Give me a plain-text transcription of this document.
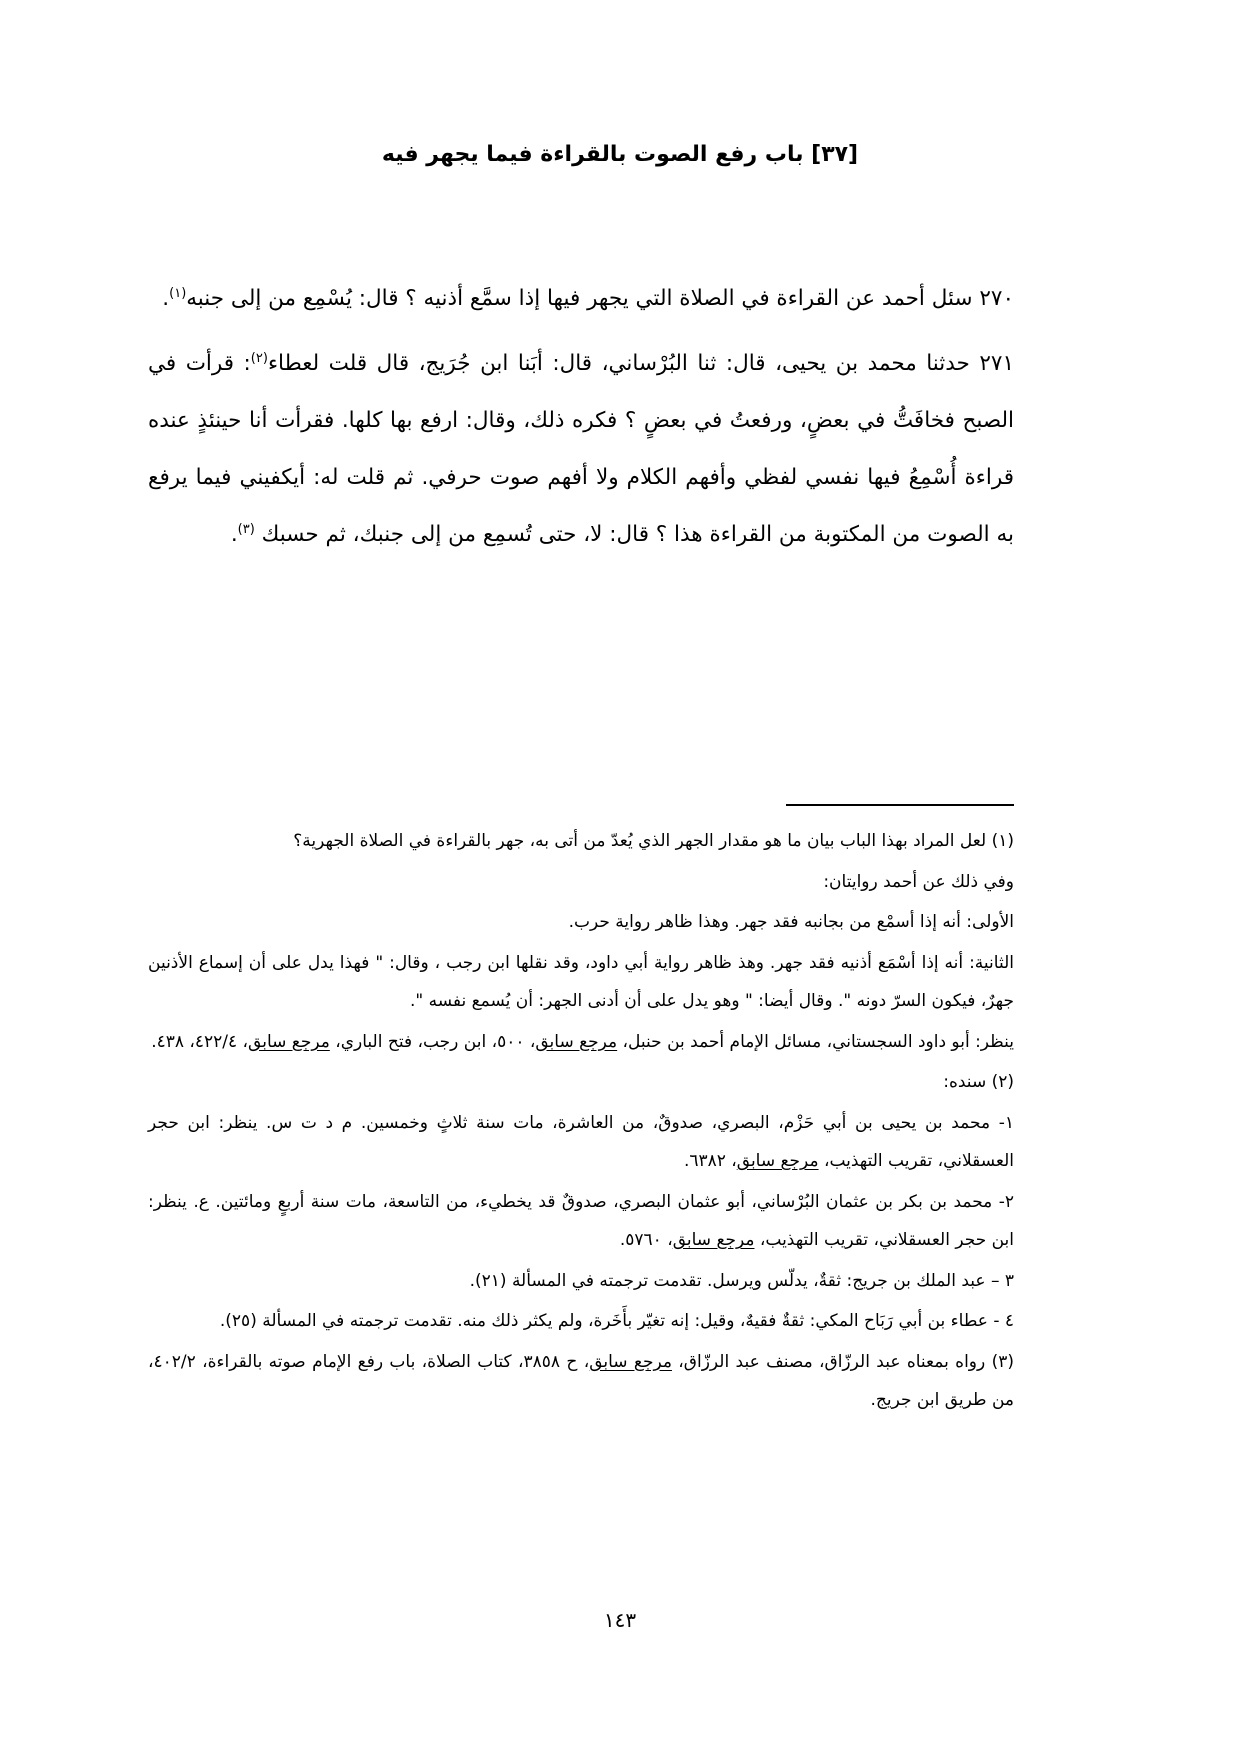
[٣٧] باب رفع الصوت بالقراءة فيما يجهر فيه

٢٧٠ سئل أحمد عن القراءة في الصلاة التي يجهر فيها إذا سمَّع أذنيه ؟ قال: يُسْمِع من إلى جنبه$^{(١)}$.

٢٧١ حدثنا محمد بن يحيى، قال: ثنا البُرْساني، قال: أبَنا ابن جُرَيج، قال قلت لعطاء$^{(٢)}$: قرأت في الصبح فخافَتُّ في بعضٍ، ورفعتُ في بعضٍ ؟ فكره ذلك، وقال: ارفع بها كلها. فقرأت أنا حينئذٍ عنده قراءة أُسْمِعُ فيها نفسي لفظي وأفهم الكلام ولا أفهم صوت حرفي. ثم قلت له: أيكفيني فيما يرفع به الصوت من المكتوبة من القراءة هذا ؟ قال: لا، حتى تُسمِع من إلى جنبك، ثم حسبك $^{(٣)}$.

(١) لعل المراد بهذا الباب بيان ما هو مقدار الجهر الذي يُعدّ من أتى به، جهر بالقراءة في الصلاة الجهرية؟

وفي ذلك عن أحمد روايتان:

الأولى: أنه إذا أسمْع من بجانبه فقد جهر. وهذا ظاهر رواية حرب.

الثانية: أنه إذا أسْمَع أذنيه فقد جهر. وهذ ظاهر رواية أبي داود، وقد نقلها ابن رجب ، وقال: " فهذا يدل على أن إسماع الأذنين جهرٌ، فيكون السرّ دونه ". وقال أيضا: " وهو يدل على أن أدنى الجهر: أن يُسمع نفسه ".

ينظر: أبو داود السجستاني، مسائل الإمام أحمد بن حنبل، مرجع سابق، ٥٠٠، ابن رجب، فتح الباري، مرجع سابق، ٤٢٢/٤، ٤٣٨.

(٢) سنده:

١- محمد بن يحيى بن أبي حَزْم، البصري، صدوقٌ، من العاشرة، مات سنة ثلاثٍ وخمسين. م د ت س. ينظر: ابن حجر العسقلاني، تقريب التهذيب، مرجع سابق، ٦٣٨٢.

٢- محمد بن بكر بن عثمان البُرْساني، أبو عثمان البصري، صدوقٌ قد يخطيء، من التاسعة، مات سنة أربعٍ ومائتين. ع. ينظر: ابن حجر العسقلاني، تقريب التهذيب، مرجع سابق، ٥٧٦٠.

٣ – عبد الملك بن جريج: ثقةٌ، يدلّس ويرسل. تقدمت ترجمته في المسألة (٢١).

٤ - عطاء بن أبي رَبَاح المكي: ثقةٌ فقيهٌ، وقيل: إنه تغيّر بأَخَرة، ولم يكثر ذلك منه. تقدمت ترجمته في المسألة (٢٥).

(٣) رواه بمعناه عبد الرزّاق، مصنف عبد الرزّاق، مرجع سابق، ح ٣٨٥٨، كتاب الصلاة، باب رفع الإمام صوته بالقراءة، ٤٠٢/٢، من طريق ابن جريج.

١٤٣
